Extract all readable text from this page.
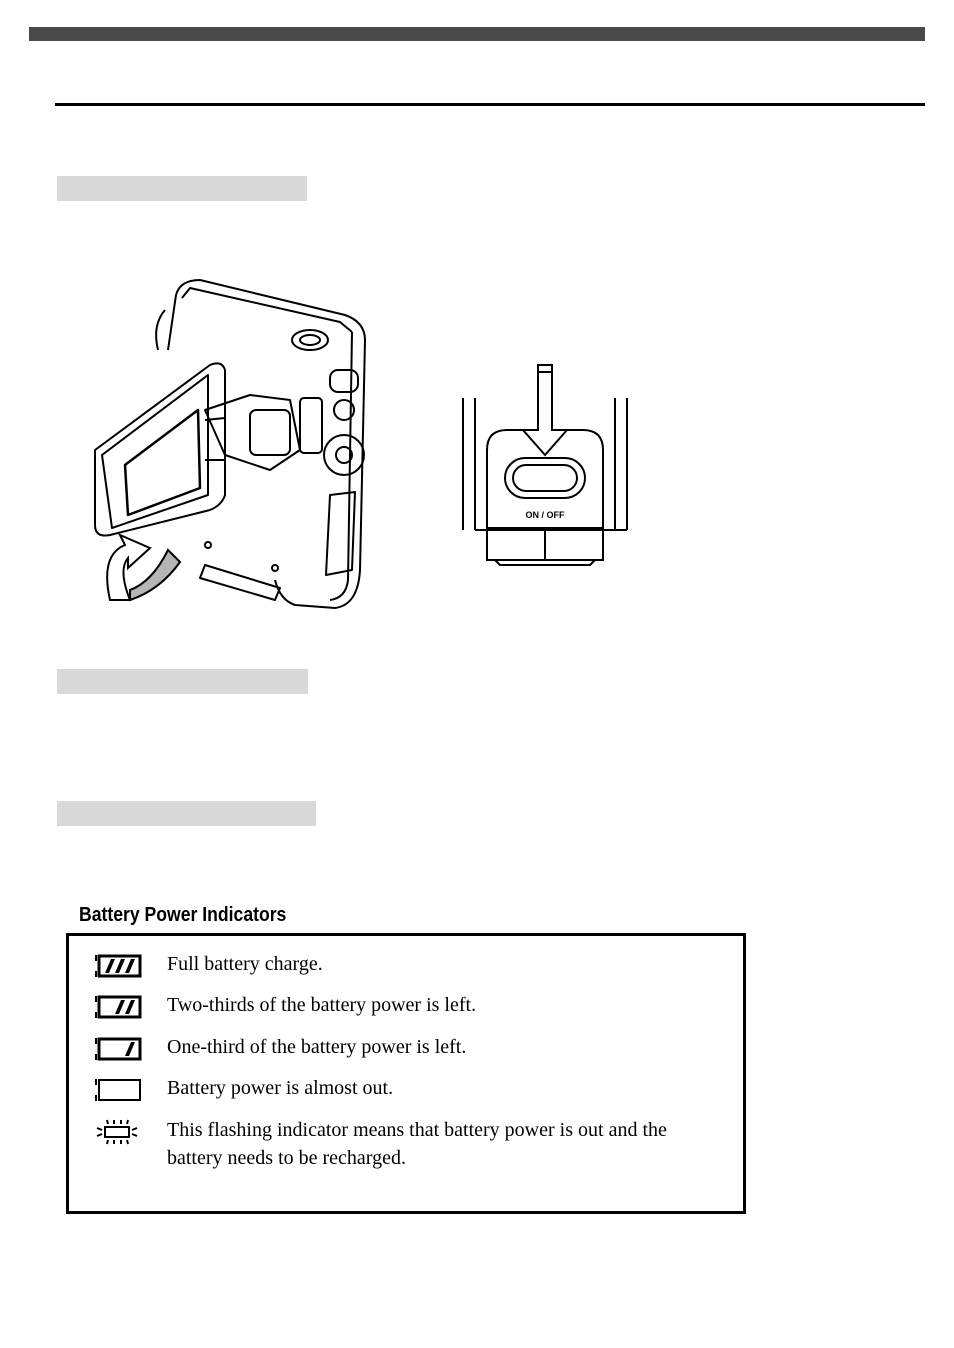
ON / OFF
Battery Power Indicators
Full battery charge.
Two-thirds of the battery power is left.
One-third of the battery power is left.
Battery power is almost out.
This flashing indicator means that battery power is out and the battery needs to be recharged.
